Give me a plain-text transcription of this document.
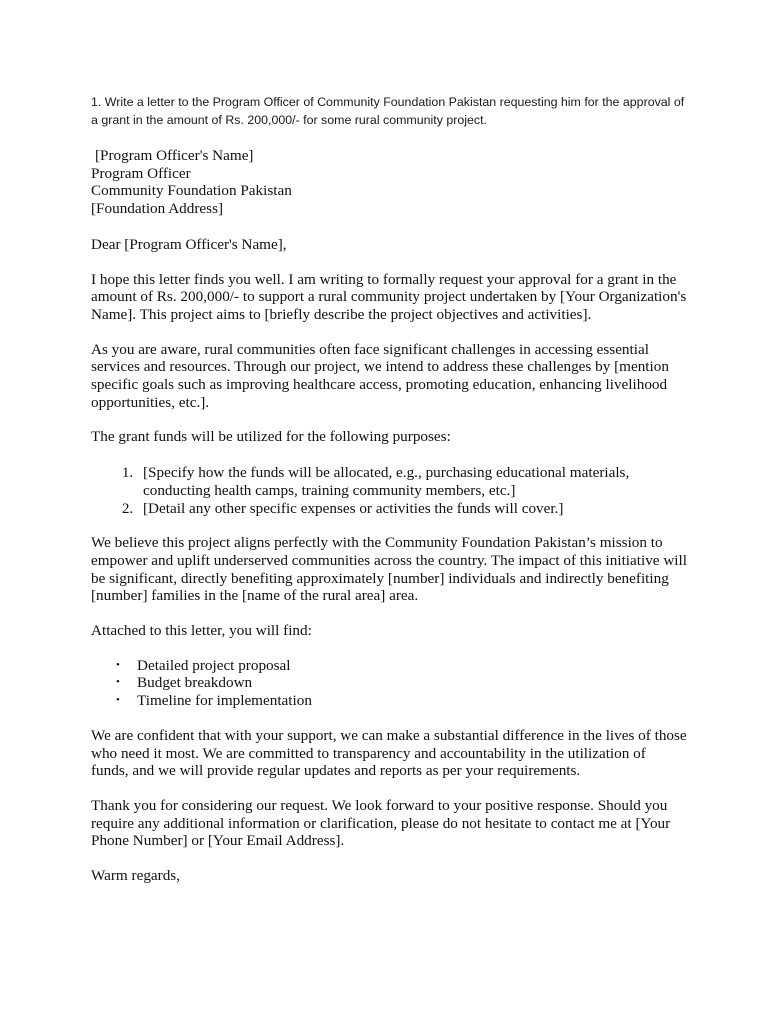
1. Write a letter to the Program Officer of Community Foundation Pakistan requesting him for the approval of a grant in the amount of Rs. 200,000/- for some rural community project.

[Program Officer's Name]
Program Officer
Community Foundation Pakistan
[Foundation Address]

Dear [Program Officer's Name],

I hope this letter finds you well. I am writing to formally request your approval for a grant in the amount of Rs. 200,000/- to support a rural community project undertaken by [Your Organization's Name]. This project aims to [briefly describe the project objectives and activities].

As you are aware, rural communities often face significant challenges in accessing essential services and resources. Through our project, we intend to address these challenges by [mention specific goals such as improving healthcare access, promoting education, enhancing livelihood opportunities, etc.].

The grant funds will be utilized for the following purposes:

1. [Specify how the funds will be allocated, e.g., purchasing educational materials, conducting health camps, training community members, etc.]
2. [Detail any other specific expenses or activities the funds will cover.]

We believe this project aligns perfectly with the Community Foundation Pakistan’s mission to empower and uplift underserved communities across the country. The impact of this initiative will be significant, directly benefiting approximately [number] individuals and indirectly benefiting [number] families in the [name of the rural area] area.

Attached to this letter, you will find:

• Detailed project proposal
• Budget breakdown
• Timeline for implementation

We are confident that with your support, we can make a substantial difference in the lives of those who need it most. We are committed to transparency and accountability in the utilization of funds, and we will provide regular updates and reports as per your requirements.

Thank you for considering our request. We look forward to your positive response. Should you require any additional information or clarification, please do not hesitate to contact me at [Your Phone Number] or [Your Email Address].

Warm regards,
